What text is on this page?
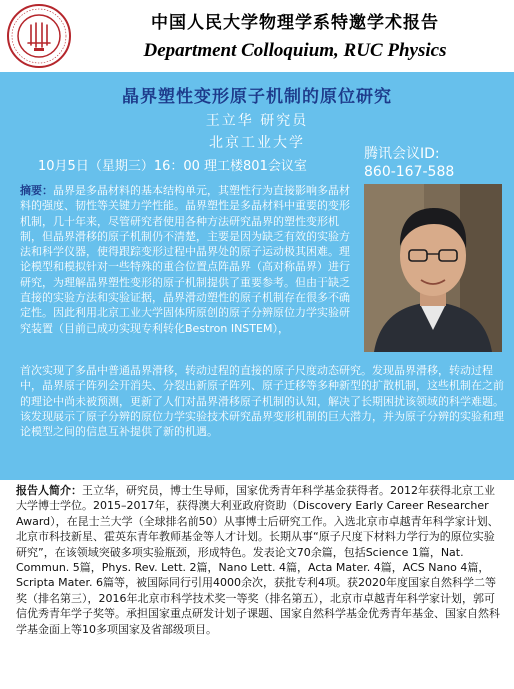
中国人民大学物理学系特邀学术报告
Department Colloquium, RUC Physics
晶界塑性变形原子机制的原位研究
王立华 研究员
北京工业大学
10月5日（星期三）16：00 理工楼801会议室
腾讯会议ID:
860-167-588
摘要：晶界是多晶材料的基本结构单元，其塑性行为直接影响多晶材料的强度、韧性等关键力学性能。晶界塑性是多晶材料中重要的变形机制，几十年来，尽管研究者使用各种方法研究晶界的塑性变形机制，但晶界滑移的原子机制仍不清楚，主要是因为缺乏有效的实验方法和科学仪器，使得跟踪变形过程中晶界处的原子运动极其困难。理论模型和模拟针对一些特殊的重合位置点阵晶界（高对称晶界）进行研究，为理解晶界塑性变形的原子机制提供了重要参考。但由于缺乏直接的实验方法和实验证据，晶界滑动塑性的原子机制存在很多不确定性。因此利用北京工业大学固体所原创的原子分辨原位力学实验研究装置（目前已成功实现专利转化Bestron INSTEM），
首次实现了多晶中普通晶界滑移，转动过程的直接的原子尺度动态研究。发现晶界滑移，转动过程中，晶界原子阵列会开消失、分裂出新原子阵列、原子迁移等多种新型的扩散机制，这些机制在之前的理论中尚未被预测，更新了人们对晶界滑移原子机制的认知，解决了长期困扰该领域的科学难题。该发现展示了原子分辨的原位力学实验技术研究晶界变形机制的巨大潜力，并为原子分辨的实验和理论模型之间的信息互补提供了新的机遇。
报告人简介：王立华，研究员，博士生导师，国家优秀青年科学基金获得者。2012年获得北京工业大学博士学位。2015–2017年，获得澳大利亚政府资助（Discovery Early Career Researcher Award），在昆士兰大学（全球排名前50）从事博士后研究工作。入选北京市卓越青年科学家计划、北京市科技新星、霍英东青年教师基金等人才计划。长期从事“原子尺度下材料力学行为的原位实验研究”，在该领域突破多项实验瓶颈，形成特色。发表论文70余篇，包括Science 1篇，Nat. Commun. 5篇，Phys. Rev. Lett. 2篇，Nano Lett. 4篇，Acta Mater. 4篇，ACS Nano 4篇，Scripta Mater. 6篇等，被国际同行引用4000余次，获批专利4项。获2020年度国家自然科学二等奖（排名第三），2016年北京市科学技术奖一等奖（排名第五），北京市卓越青年科学家计划，郭可信优秀青年学子奖等。承担国家重点研发计划子课题、国家自然科学基金优秀青年基金、国家自然科学基金面上等10多项国家及省部级项目。
